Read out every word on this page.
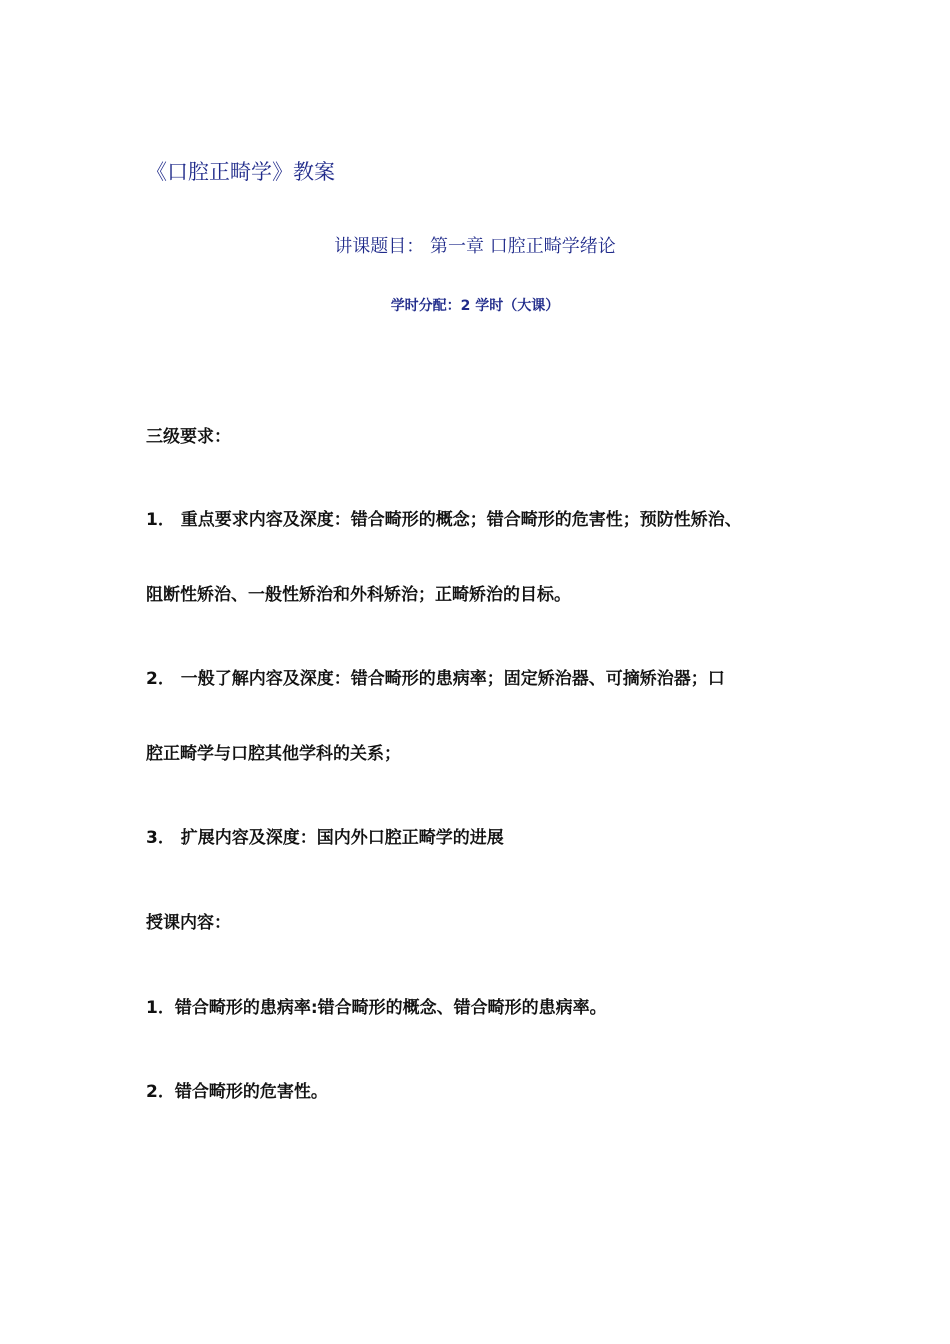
《口腔正畸学》教案
讲课题目： 第一章 口腔正畸学绪论
学时分配：2 学时（大课）
三级要求：
1． 重点要求内容及深度：错合畸形的概念；错合畸形的危害性；预防性矫治、
阻断性矫治、一般性矫治和外科矫治；正畸矫治的目标。
2． 一般了解内容及深度：错合畸形的患病率；固定矫治器、可摘矫治器；口
腔正畸学与口腔其他学科的关系；
3． 扩展内容及深度：国内外口腔正畸学的进展
授课内容：
1．错合畸形的患病率:错合畸形的概念、错合畸形的患病率。
2．错合畸形的危害性。
